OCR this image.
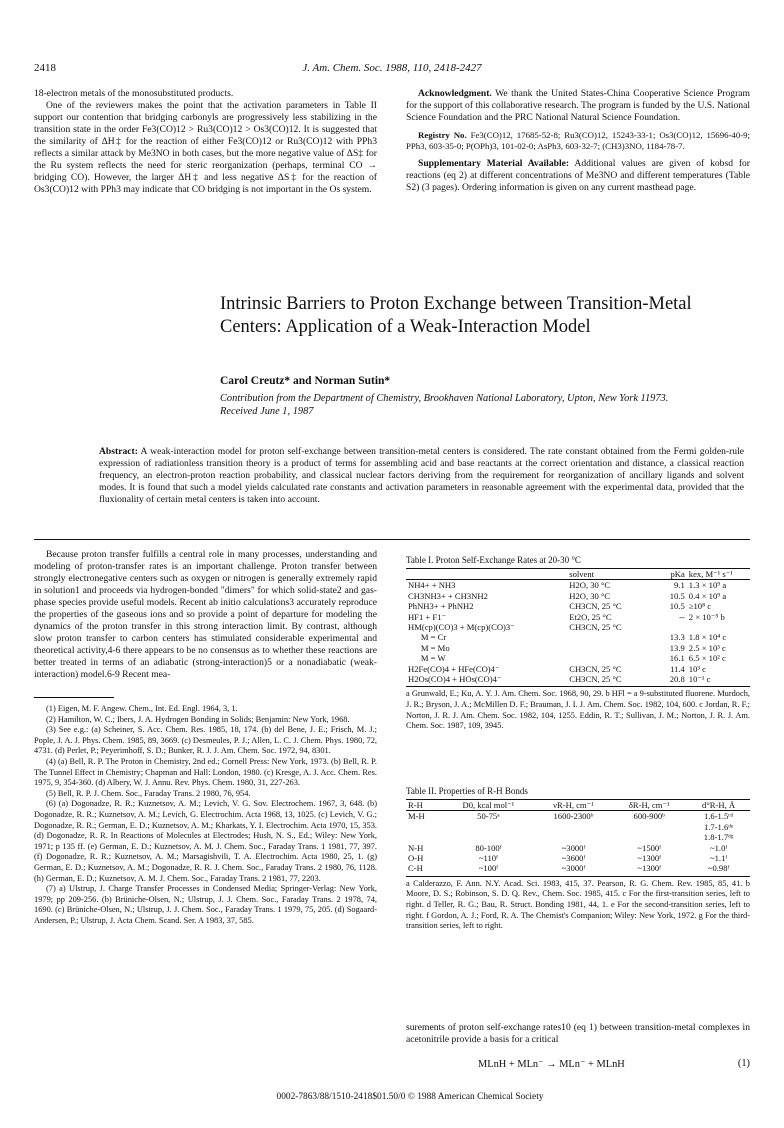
2418	J. Am. Chem. Soc. 1988, 110, 2418-2427

18-electron metals of the monosubstituted products.

One of the reviewers makes the point that the activation parameters in Table II support our contention that bridging carbonyls are progressively less stabilizing in the transition state in the order Fe3(CO)12 > Ru3(CO)12 > Os3(CO)12. It is suggested that the similarity of ΔH‡ for the reaction of either Fe3(CO)12 or Ru3(CO)12 with PPh3 reflects a similar attack by Me3NO in both cases, but the more negative value of ΔS‡ for the Ru system reflects the need for steric reorganization (perhaps, terminal CO → bridging CO). However, the larger ΔH‡ and less negative ΔS‡ for the reaction of Os3(CO)12 with PPh3 may indicate that CO bridging is not important in the Os system.

Acknowledgment. We thank the United States-China Cooperative Science Program for the support of this collaborative research. The program is funded by the U.S. National Science Foundation and the PRC National Natural Science Foundation.

Registry No. Fe3(CO)12, 17685-52-8; Ru3(CO)12, 15243-33-1; Os3(CO)12, 15696-40-9; PPh3, 603-35-0; P(OPh)3, 101-02-0; AsPh3, 603-32-7; (CH3)3NO, 1184-78-7.

Supplementary Material Available: Additional values are given of kobsd for reactions (eq 2) at different concentrations of Me3NO and different temperatures (Table S2) (3 pages). Ordering information is given on any current masthead page.

Intrinsic Barriers to Proton Exchange between Transition-Metal Centers: Application of a Weak-Interaction Model
Carol Creutz* and Norman Sutin*
Contribution from the Department of Chemistry, Brookhaven National Laboratory, Upton, New York 11973. Received June 1, 1987
Abstract: A weak-interaction model for proton self-exchange between transition-metal centers is considered. The rate constant obtained from the Fermi golden-rule expression of radiationless transition theory is a product of terms for assembling acid and base reactants at the correct orientation and distance, a classical reaction frequency, an electron-proton reaction probability, and classical nuclear factors deriving from the requirement for reorganization of ancillary ligands and solvent modes. It is found that such a model yields calculated rate constants and activation parameters in reasonable agreement with the experimental data, provided that the fluxionality of certain metal centers is taken into account.

Because proton transfer fulfills a central role in many processes, understanding and modeling of proton-transfer rates is an important challenge. Proton transfer between strongly electronegative centers such as oxygen or nitrogen is generally extremely rapid in solution1 and proceeds via hydrogen-bonded "dimers" for which solid-state2 and gas-phase species provide useful models. Recent ab initio calculations3 accurately reproduce the properties of the gaseous ions and so provide a point of departure for modeling the dynamics of the proton transfer in this strong interaction limit. By contrast, although slow proton transfer to carbon centers has stimulated considerable experimental and theoretical activity,4-6 there appears to be no consensus as to whether these reactions are better treated in terms of an adiabatic (strong-interaction)5 or a nonadiabatic (weak-interaction) model.6-9 Recent mea-

(1) Eigen, M. F. Angew. Chem., Int. Ed. Engl. 1964, 3, 1.

(2) Hamilton, W. C.; Ibers, J. A. Hydrogen Bonding in Solids; Benjamin: New York, 1968.

(3) See e.g.: (a) Scheiner, S. Acc. Chem. Res. 1985, 18, 174. (b) del Bene, J. E.; Frisch, M. J.; Pople, J. A. J. Phys. Chem. 1985, 89, 3669. (c) Desmeules, P. J.; Allen, L. C. J. Chem. Phys. 1980, 72, 4731. (d) Perlet, P.; Peyerimhoff, S. D.; Bunker, R. J. J. Am. Chem. Soc. 1972, 94, 8301.

(4) (a) Bell, R. P. The Proton in Chemistry, 2nd ed.; Cornell Press: New York, 1973. (b) Bell, R. P. The Tunnel Effect in Chemistry; Chapman and Hall: London, 1980. (c) Kresge, A. J. Acc. Chem. Res. 1975, 9, 354-360. (d) Albery, W. J. Annu. Rev. Phys. Chem. 1980, 31, 227-263.

(5) Bell, R. P. J. Chem. Soc., Faraday Trans. 2 1980, 76, 954.

(6) (a) Dogonadze, R. R.; Kuznetsov, A. M.; Levich, V. G. Sov. Electrochem. 1967, 3, 648. (b) Dogonadze, R. R.; Kuznetsov, A. M.; Levich, G. Electrochim. Acta 1968, 13, 1025. (c) Levich, V. G.; Dogonadze, R. R.; German, E. D.; Kuznetsov, A. M.; Kharkats, Y. I. Electrochim. Acta 1970, 15, 353. (d) Dogonadze, R. R. In Reactions of Molecules at Electrodes; Hush, N. S., Ed.; Wiley: New York, 1971; p 135 ff. (e) German, E. D.; Kuznetsov, A. M. J. Chem. Soc., Faraday Trans. 1 1981, 77, 397. (f) Dogonadze, R. R.; Kuznetsov, A. M.; Marsagishvili, T. A. Electrochim. Acta 1980, 25, 1. (g) German, E. D.; Kuznetsov, A. M.; Dogonadze, R. R. J. Chem. Soc., Faraday Trans. 2 1980, 76, 1128. (h) German, E. D.; Kuznetsov, A. M. J. Chem. Soc., Faraday Trans. 2 1981, 77, 2203.

(7) a) Ulstrup, J. Charge Transfer Processes in Condensed Media; Springer-Verlag: New York, 1979; pp 209-256. (b) Brüniche-Olsen, N.; Ulstrup, J. J. Chem. Soc., Faraday Trans. 2 1978, 74, 1690. (c) Brüniche-Olsen, N.; Ulstrup, J. J. Chem. Soc., Faraday Trans. 1 1979, 75, 205. (d) Sogaard-Andersen, P.; Ulstrup, J. Acta Chem. Scand. Ser. A 1983, 37, 585.

Table I. Proton Self-Exchange Rates at 20-30 °C
	solvent	pKa	kex, M⁻¹ s⁻¹
NH4+ + NH3	H2O, 30 °C	9.1	1.3 × 10⁹ a
CH3NH3+ + CH3NH2	H2O, 30 °C	10.5	0.4 × 10⁹ a
PhNH3+ + PhNH2	CH3CN, 25 °C	10.5	≥10⁸ c
HF1 + F1⁻	Et2O, 25 °C	--	2 × 10⁻⁵ b
HM(cp)(CO)3 + M(cp)(CO)3⁻	CH3CN, 25 °C		
M = Cr		13.3	1.8 × 10⁴ c
M = Mo		13.9	2.5 × 10³ c
M = W		16.1	6.5 × 10² c
H2Fe(CO)4 + HFe(CO)4⁻	CH3CN, 25 °C	11.4	10³ c
H2Os(CO)4 + HOs(CO)4⁻	CH3CN, 25 °C	20.8	10⁻¹ c
a Grunwald, E.; Ku, A. Y. J. Am. Chem. Soc. 1968, 90, 29. b HFl = a 9-substituted fluorene. Murdoch, J. R.; Bryson, J. A.; McMillen D. F.; Brauman, J. I. J. Am. Chem. Soc. 1982, 104, 600. c Jordan, R. F.; Norton, J. R. J. Am. Chem. Soc. 1982, 104, 1255. Eddin, R. T.; Sullivan, J. M.; Norton, J. R. J. Am. Chem. Soc. 1987, 109, 3945.
Table II. Properties of R-H Bonds
R-H	D0, kcal mol⁻¹	νR-H, cm⁻¹	δR-H, cm⁻¹	d°R-H, Å
M-H	50-75ᵃ	1600-2300ᵇ	600-900ᵇ	1.6-1.5ᶜᵈ
				1.7-1.6ᵈᵉ
				1.8-1.7ᵈᵍ
N-H	80-100ᶠ	~3000ᶠ	~1500ᶠ	~1.0ᶠ
O-H	~110ᶠ	~3600ᶠ	~1300ᶠ	~1.1ᶠ
C-H	~100ᶠ	~3000ᶠ	~1300ᶠ	~0.98ᶠ
a Calderazzo, F. Ann. N.Y. Acad. Sci. 1983, 415, 37. Pearson, R. G. Chem. Rev. 1985, 85, 41. b Moore, D. S.; Robinson, S. D. Q. Rev., Chem. Soc. 1985, 415. c For the first-transition series, left to right. d Teller, R. G.; Bau, R. Struct. Bonding 1981, 44, 1. e For the second-transition series, left to right. f Gordon, A. J.; Ford, R. A. The Chemist's Companion; Wiley: New York, 1972. g For the third-transition series, left to right.

surements of proton self-exchange rates10 (eq 1) between transition-metal complexes in acetonitrile provide a basis for a critical

MLnH + MLn⁻ → MLn⁻ + MLnH	(1)
0002-7863/88/1510-2418$01.50/0 © 1988 American Chemical Society
